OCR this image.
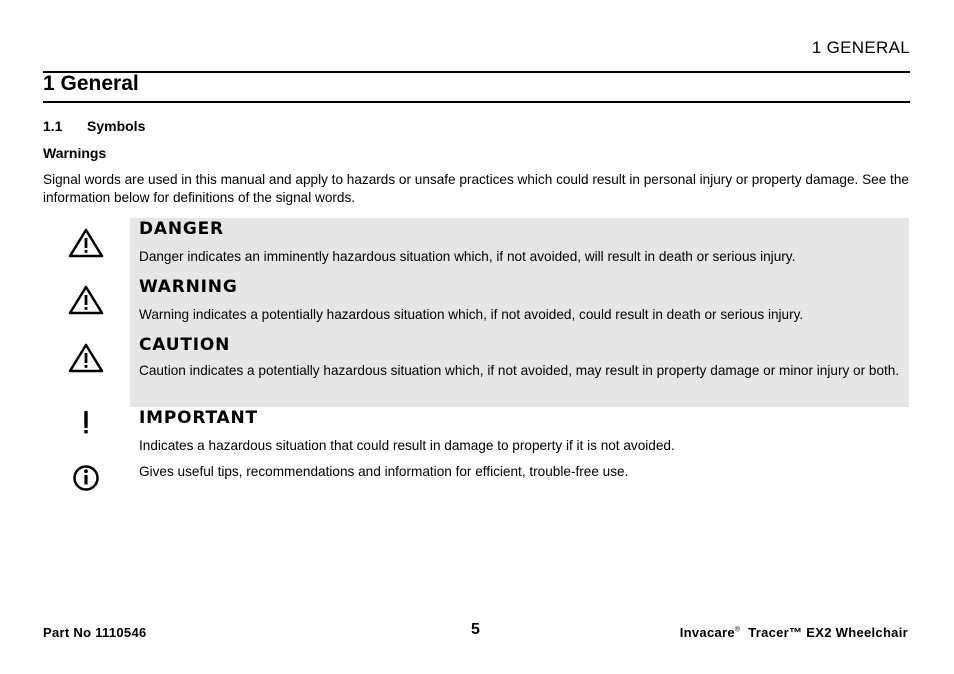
1 GENERAL
1 General
1.1 Symbols
Warnings
Signal words are used in this manual and apply to hazards or unsafe practices which could result in personal injury or property damage. See the information below for definitions of the signal words.
DANGER
Danger indicates an imminently hazardous situation which, if not avoided, will result in death or serious injury.
WARNING
Warning indicates a potentially hazardous situation which, if not avoided, could result in death or serious injury.
CAUTION
Caution indicates a potentially hazardous situation which, if not avoided, may result in property damage or minor injury or both.
IMPORTANT
Indicates a hazardous situation that could result in damage to property if it is not avoided.
Gives useful tips, recommendations and information for efficient, trouble-free use.
Part No 1110546	5	Invacare® Tracer™ EX2 Wheelchair
